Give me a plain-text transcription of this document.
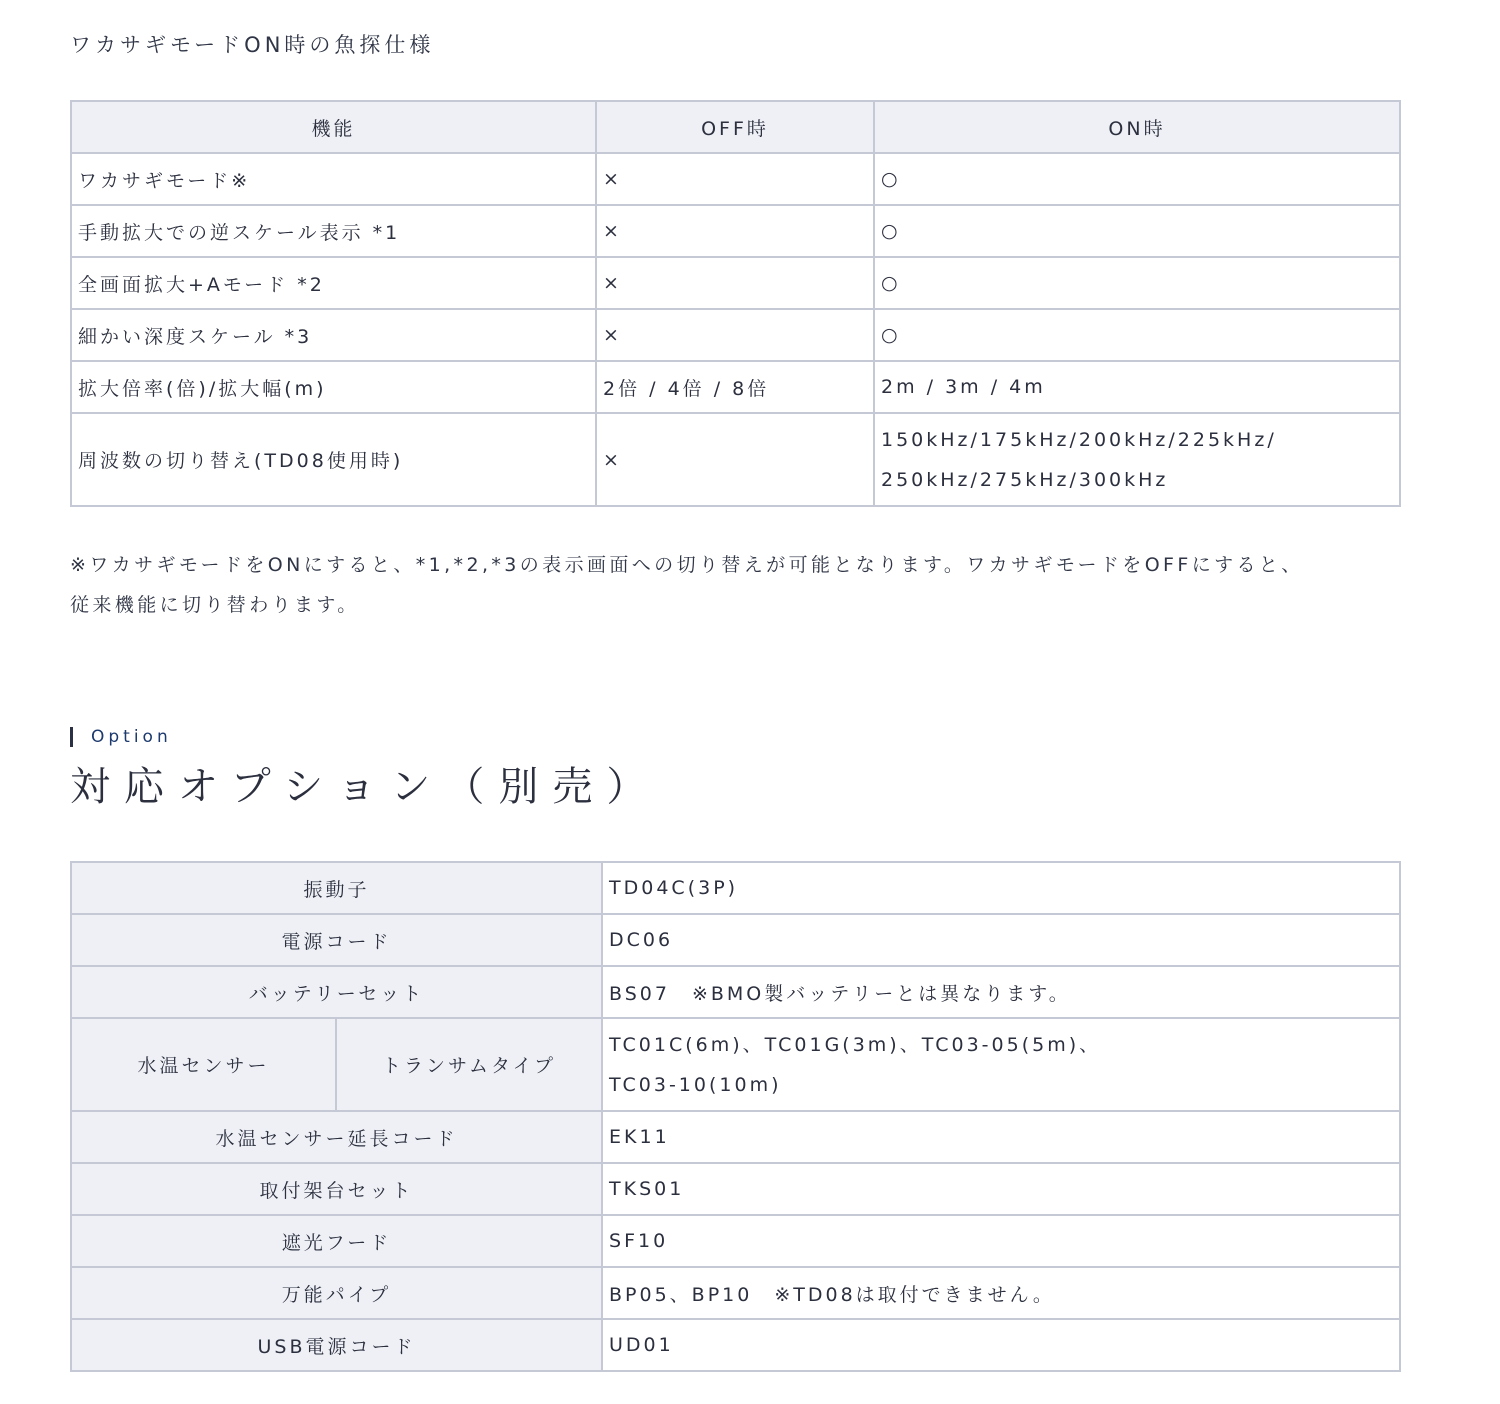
ワカサギモードON時の魚探仕様
機能	OFF時	ON時
ワカサギモード※	×	○
手動拡大での逆スケール表示 *1	×	○
全画面拡大+Aモード *2	×	○
細かい深度スケール *3	×	○
拡大倍率(倍)/拡大幅(m)	2倍 / 4倍 / 8倍	2m / 3m / 4m
周波数の切り替え(TD08使用時)	×	150kHz/175kHz/200kHz/225kHz/
250kHz/275kHz/300kHz
※ワカサギモードをONにすると、*1,*2,*3の表示画面への切り替えが可能となります。ワカサギモードをOFFにすると、
従来機能に切り替わります。
Option
対応オプション（別売）
振動子		TD04C(3P)
電源コード		DC06
バッテリーセット		BS07　※BMO製バッテリーとは異なります。
水温センサー	トランサムタイプ	TC01C(6m)、TC01G(3m)、TC03-05(5m)、
TC03-10(10m)

水温センサー延長コード		EK11
取付架台セット		TKS01
遮光フード		SF10
万能パイプ		BP05、BP10　※TD08は取付できません。
USB電源コード		UD01
